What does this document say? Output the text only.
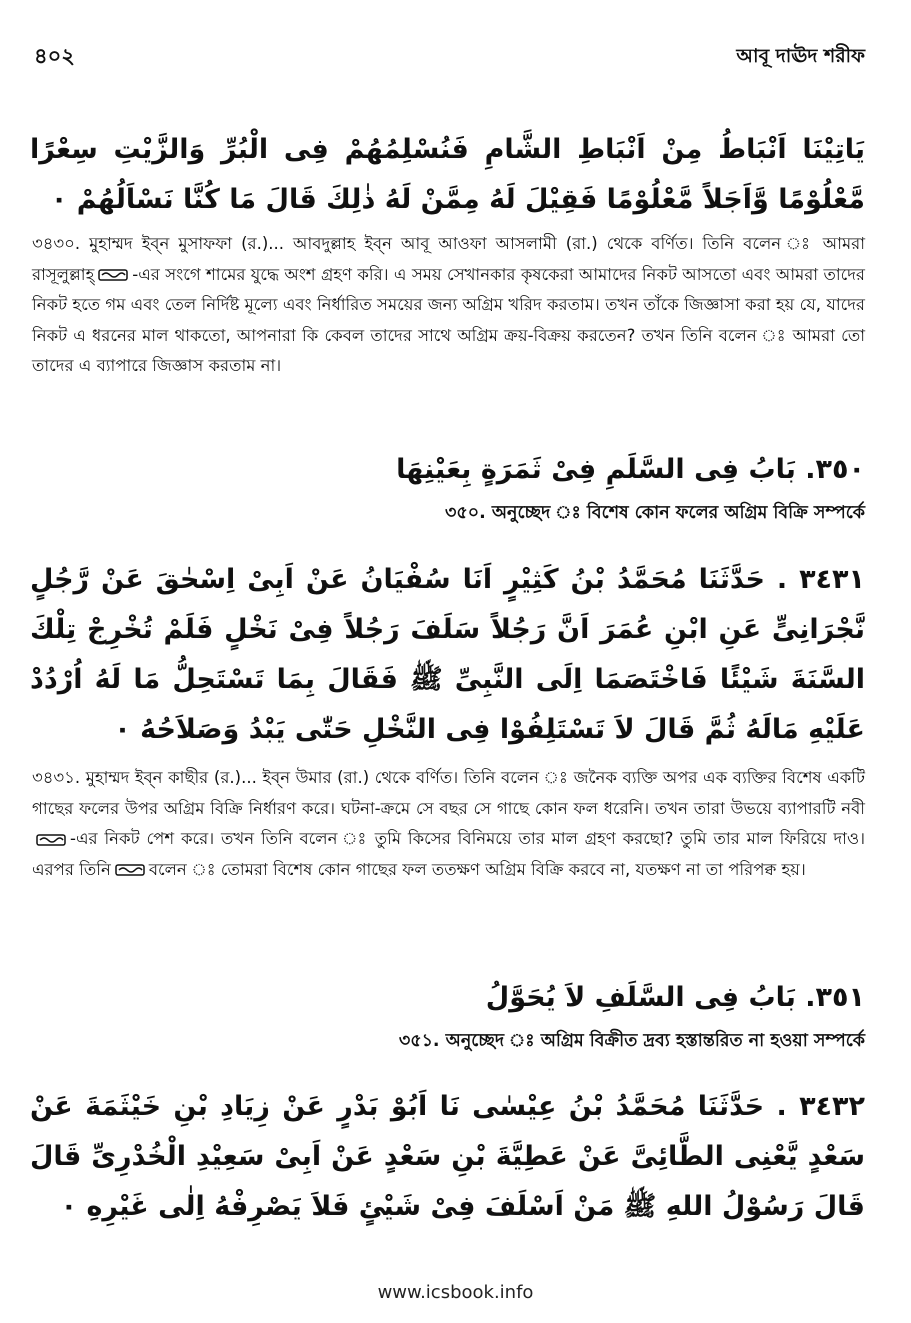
৪০২	আবূ দাঊদ শরীফ
يَاتِيْنَا اَنْبَاطُ مِنْ اَنْبَاطِ الشَّامِ فَنُسْلِمُهُمْ فِى الْبُرِّ وَالزَّيْتِ سِعْرًا مَّعْلُوْمًا وَّاَجَلاً مَّعْلُوْمًا فَقِيْلَ لَهُ مِمَّنْ لَهُ ذٰلِكَ قَالَ مَا كُنَّا نَسْاَلُهُمْ ٠
৩৪৩০. মুহাম্মদ ইব্ন মুসাফফা (র.)... আবদুল্লাহ ইব্ন আবূ আওফা আসলামী (রা.) থেকে বর্ণিত। তিনি বলেন ঃ আমরা রাসূলুল্লাহ্ -এর সংগে শামের যুদ্ধে অংশ গ্রহণ করি। এ সময় সেখানকার কৃষকেরা আমাদের নিকট আসতো এবং আমরা তাদের নিকট হতে গম এবং তেল নির্দিষ্ট মূল্যে এবং নির্ধারিত সময়ের জন্য অগ্রিম খরিদ করতাম। তখন তাঁকে জিজ্ঞাসা করা হয় যে, যাদের নিকট এ ধরনের মাল থাকতো, আপনারা কি কেবল তাদের সাথে অগ্রিম ক্রয়-বিক্রয় করতেন? তখন তিনি বলেন ঃ আমরা তো তাদের এ ব্যাপারে জিজ্ঞাস করতাম না।
٣٥٠. بَابُ فِى السَّلَمِ فِىْ ثَمَرَةٍ بِعَيْنِهَا
৩৫০. অনুচ্ছেদ ঃ বিশেষ কোন ফলের অগ্রিম বিক্রি সম্পর্কে
٣٤٣١ . حَدَّثَنَا مُحَمَّدُ بْنُ كَثِيْرٍ اَنَا سُفْيَانُ عَنْ اَبِىْ اِسْحٰقَ عَنْ رَّجُلٍ نَّجْرَانِىٍّ عَنِ ابْنِ عُمَرَ اَنَّ رَجُلاً سَلَفَ رَجُلاً فِىْ نَخْلٍ فَلَمْ تُخْرِجْ تِلْكَ السَّنَةَ شَيْئًا فَاخْتَصَمَا اِلَى النَّبِىِّ ﷺ فَقَالَ بِمَا تَسْتَحِلُّ مَا لَهُ اُرْدُدْ عَلَيْهِ مَالَهُ ثُمَّ قَالَ لاَ تَسْتَلِفُوْا فِى النَّخْلِ حَتّٰى يَبْدُ وَصَلاَحُهُ ٠
৩৪৩১. মুহাম্মদ ইব্ন কাছীর (র.)... ইব্ন উমার (রা.) থেকে বর্ণিত। তিনি বলেন ঃ জনৈক ব্যক্তি অপর এক ব্যক্তির বিশেষ একটি গাছের ফলের উপর অগ্রিম বিক্রি নির্ধারণ করে। ঘটনা-ক্রমে সে বছর সে গাছে কোন ফল ধরেনি। তখন তারা উভয়ে ব্যাপারটি নবী-এর নিকট পেশ করে। তখন তিনি বলেন ঃ তুমি কিসের বিনিময়ে তার মাল গ্রহণ করছো? তুমি তার মাল ফিরিয়ে দাও। এরপর তিনি বলেন ঃ তোমরা বিশেষ কোন গাছের ফল ততক্ষণ অগ্রিম বিক্রি করবে না, যতক্ষণ না তা পরিপক্ব হয়।
٣٥١. بَابُ فِى السَّلَفِ لاَ يُحَوَّلُ
৩৫১. অনুচ্ছেদ ঃ অগ্রিম বিক্রীত দ্রব্য হস্তান্তরিত না হওয়া সম্পর্কে
٣٤٣٢ . حَدَّثَنَا مُحَمَّدُ بْنُ عِيْسٰى نَا اَبُوْ بَدْرٍ عَنْ زِيَادِ بْنِ خَيْثَمَةَ عَنْ سَعْدٍ يَّعْنِى الطَّائِىَّ عَنْ عَطِيَّةَ بْنِ سَعْدٍ عَنْ اَبِىْ سَعِيْدِ الْخُدْرِىِّ قَالَ قَالَ رَسُوْلُ اللهِ ﷺ مَنْ اَسْلَفَ فِىْ شَيْئٍ فَلاَ يَصْرِفْهُ اِلٰى غَيْرِهِ ٠
www.icsbook.info
